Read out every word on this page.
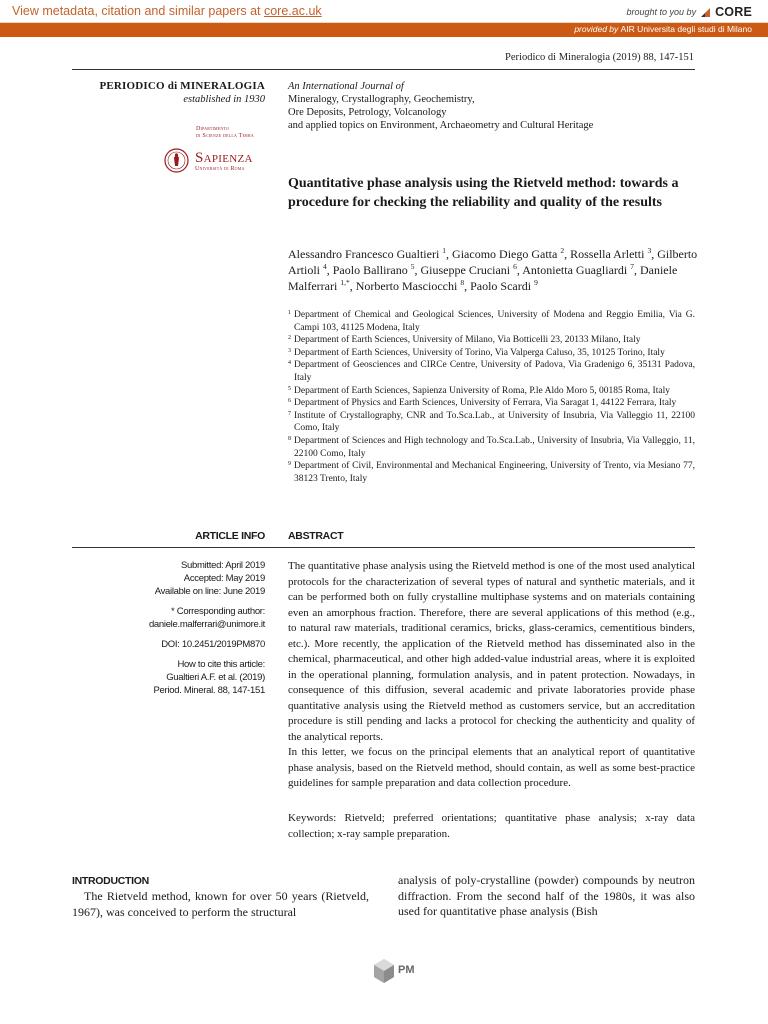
View metadata, citation and similar papers at core.ac.uk	brought to you by CORE
provided by AIR Universita degli studi di Milano
Periodico di Mineralogia (2019) 88, 147-151
PERIODICO di MINERALOGIA
established in 1930
Dipartimento
di Scienze della Terra
Sapienza
Università di Roma
An International Journal of
Mineralogy, Crystallography, Geochemistry,
Ore Deposits, Petrology, Volcanology
and applied topics on Environment, Archaeometry and Cultural Heritage
Quantitative phase analysis using the Rietveld method: towards a procedure for checking the reliability and quality of the results
Alessandro Francesco Gualtieri $^1$, Giacomo Diego Gatta $^2$, Rossella Arletti $^3$, Gilberto Artioli $^4$, Paolo Ballirano $^5$, Giuseppe Cruciani $^6$, Antonietta Guagliardi $^7$, Daniele Malferrari $^{1,*}$, Norberto Masciocchi $^8$, Paolo Scardi $^9$
1 Department of Chemical and Geological Sciences, University of Modena and Reggio Emilia, Via G. Campi 103, 41125 Modena, Italy
2 Department of Earth Sciences, University of Milano, Via Botticelli 23, 20133 Milano, Italy
3 Department of Earth Sciences, University of Torino, Via Valperga Caluso, 35, 10125 Torino, Italy
4 Department of Geosciences and CIRCe Centre, University of Padova, Via Gradenigo 6, 35131 Padova, Italy
5 Department of Earth Sciences, Sapienza University of Roma, P.le Aldo Moro 5, 00185 Roma, Italy
6 Department of Physics and Earth Sciences, University of Ferrara, Via Saragat 1, 44122 Ferrara, Italy
7 Institute of Crystallography, CNR and To.Sca.Lab., at University of Insubria, Via Valleggio 11, 22100 Como, Italy
8 Department of Sciences and High technology and To.Sca.Lab., University of Insubria, Via Valleggio, 11, 22100 Como, Italy
9 Department of Civil, Environmental and Mechanical Engineering, University of Trento, via Mesiano 77, 38123 Trento, Italy
ARTICLE INFO ABSTRACT
Submitted: April 2019
Accepted: May 2019
Available on line: June 2019
* Corresponding author:
daniele.malferrari@unimore.it
DOI: 10.2451/2019PM870
How to cite this article:
Gualtieri A.F. et al. (2019)
Period. Mineral. 88, 147-151

The quantitative phase analysis using the Rietveld method is one of the most used analytical protocols for the characterization of several types of natural and synthetic materials, and it can be performed both on fully crystalline multiphase systems and on materials containing even an amorphous fraction. Therefore, there are several applications of this method (e.g., to natural raw materials, traditional ceramics, bricks, glass-ceramics, cementitious binders, etc.). More recently, the application of the Rietveld method has disseminated also in the chemical, pharmaceutical, and other high added-value industrial areas, where it is exploited in the operational planning, formulation analysis, and in patent protection. Nowadays, in consequence of this diffusion, several academic and private laboratories provide phase quantitative analysis using the Rietveld method as customers service, but an accreditation procedure is still pending and lacks a protocol for checking the authenticity and quality of the analytical reports.

In this letter, we focus on the principal elements that an analytical report of quantitative phase analysis, based on the Rietveld method, should contain, as well as some best-practice guidelines for sample preparation and data collection procedure.

Keywords: Rietveld; preferred orientations; quantitative phase analysis; x-ray data collection; x-ray sample preparation.
INTRODUCTION
The Rietveld method, known for over 50 years (Rietveld, 1967), was conceived to perform the structural
analysis of poly-crystalline (powder) compounds by neutron diffraction. From the second half of the 1980s, it was also used for quantitative phase analysis (Bish
PM
